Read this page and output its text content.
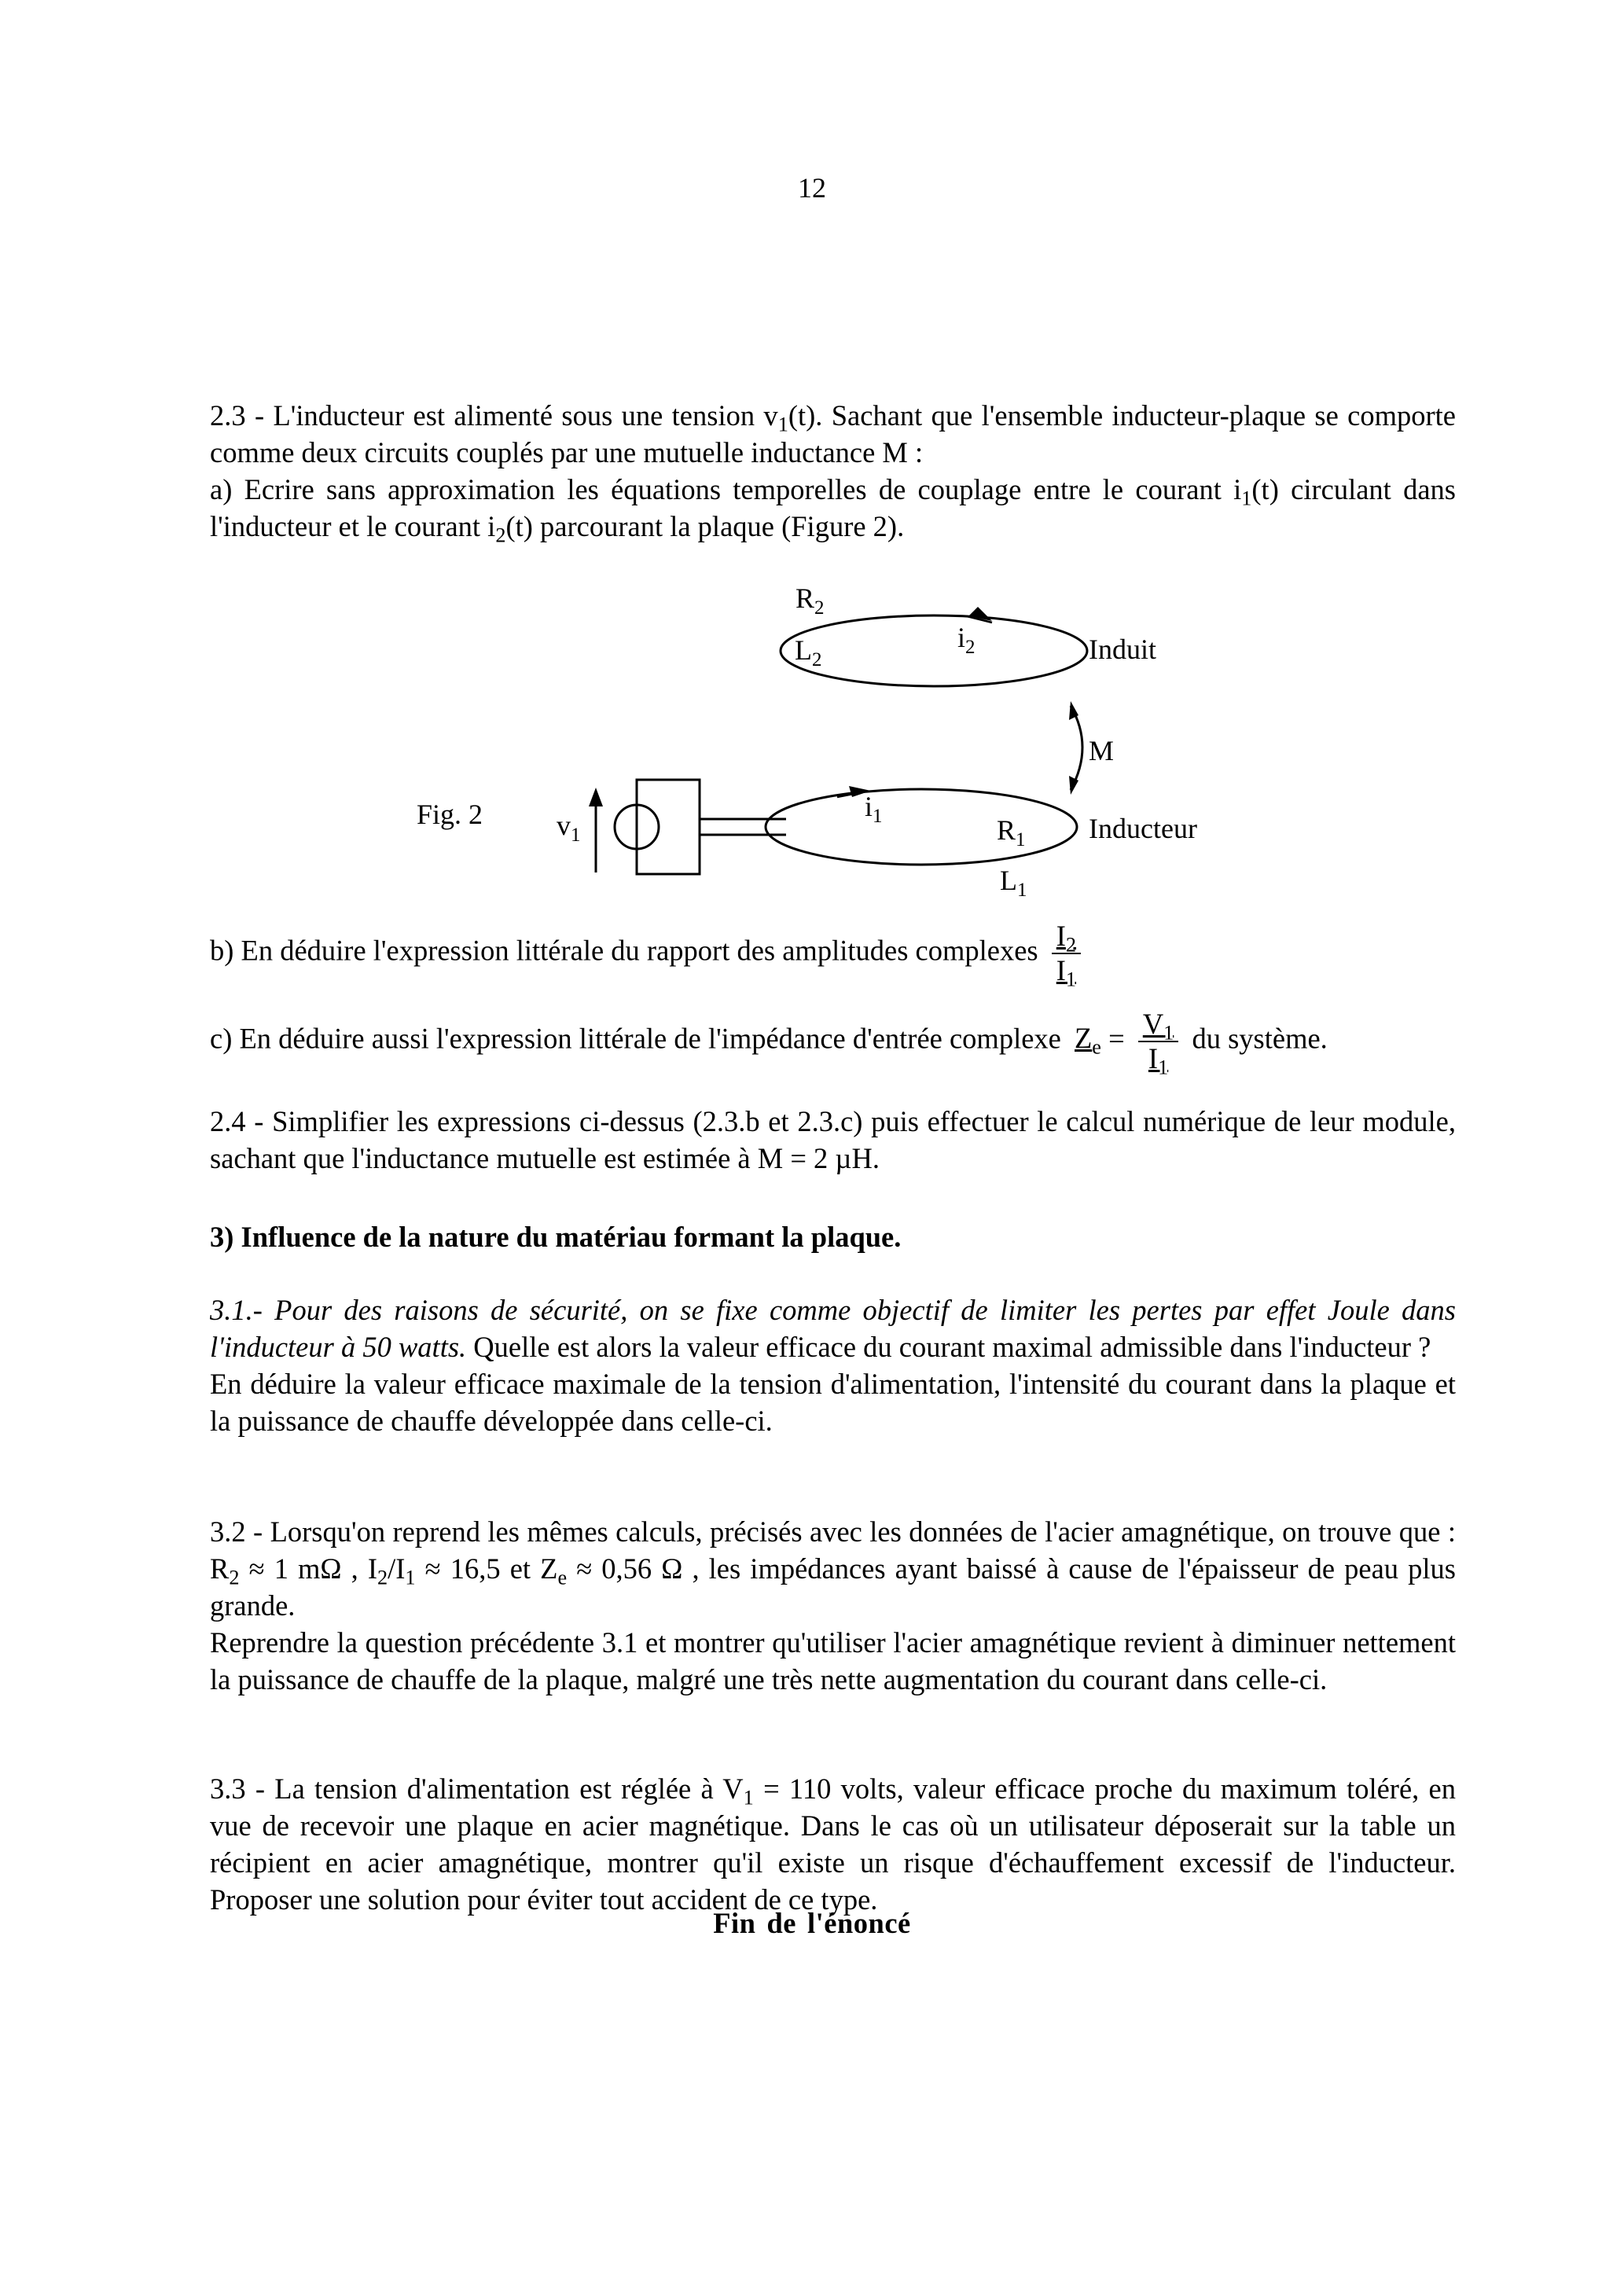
12

2.3 - L'inducteur est alimenté sous une tension $v_1(t)$. Sachant que l'ensemble inducteur-plaque se comporte comme deux circuits couplés par une mutuelle inductance M :

a) Ecrire sans approximation les équations temporelles de couplage entre le courant $i_1(t)$ circulant dans l'inducteur et le courant $i_2(t)$ parcourant la plaque (Figure 2).

$R_2$
$L_2$
$i_2$	Induit
M
Fig. 2	$v_1$
$i_1$	$R_1$
$L_1$
Inducteur
b) En déduire l'expression littérale du rapport des amplitudes complexes $\frac{I_2}{I_1}$
c) En déduire aussi l'expression littérale de l'impédance d'entrée complexe $Z_e = \frac{V_1}{I_1}$ du système.
2.4 - Simplifier les expressions ci-dessus (2.3.b et 2.3.c) puis effectuer le calcul numérique de leur module, sachant que l'inductance mutuelle est estimée à M = 2 µH.
3) Influence de la nature du matériau formant la plaque.

3.1.- Pour des raisons de sécurité, on se fixe comme objectif de limiter les pertes par effet Joule dans l'inducteur à 50 watts. Quelle est alors la valeur efficace du courant maximal admissible dans l'inducteur ?

En déduire la valeur efficace maximale de la tension d'alimentation, l'intensité du courant dans la plaque et la puissance de chauffe développée dans celle-ci.

3.2 - Lorsqu'on reprend les mêmes calculs, précisés avec les données de l'acier amagnétique, on trouve que : $R_2 \approx 1$ mΩ , $I_2/I_1 \approx 16,5$ et $Z_e \approx 0,56$ Ω , les impédances ayant baissé à cause de l'épaisseur de peau plus grande.

Reprendre la question précédente 3.1 et montrer qu'utiliser l'acier amagnétique revient à diminuer nettement la puissance de chauffe de la plaque, malgré une très nette augmentation du courant dans celle-ci.

3.3 - La tension d'alimentation est réglée à $V_1 = 110$ volts, valeur efficace proche du maximum toléré, en vue de recevoir une plaque en acier magnétique. Dans le cas où un utilisateur déposerait sur la table un récipient en acier amagnétique, montrer qu'il existe un risque d'échauffement excessif de l'inducteur. Proposer une solution pour éviter tout accident de ce type.

Fin de l'énoncé
